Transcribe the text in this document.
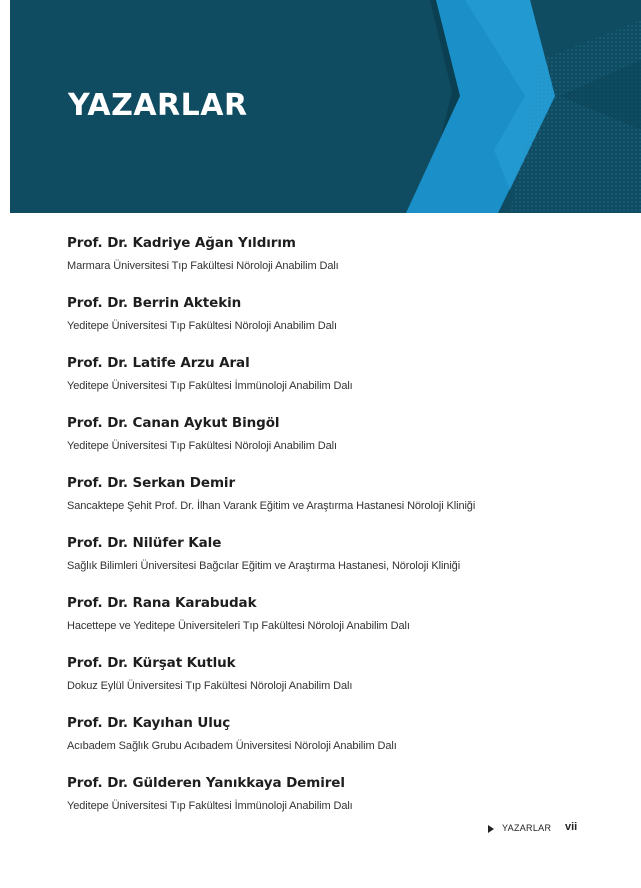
YAZARLAR

Prof. Dr. Kadriye Ağan Yıldırım

Marmara Üniversitesi Tıp Fakültesi Nöroloji Anabilim Dalı

Prof. Dr. Berrin Aktekin

Yeditepe Üniversitesi Tıp Fakültesi Nöroloji Anabilim Dalı

Prof. Dr. Latife Arzu Aral

Yeditepe Üniversitesi Tıp Fakültesi İmmünoloji Anabilim Dalı

Prof. Dr. Canan Aykut Bingöl

Yeditepe Üniversitesi Tıp Fakültesi Nöroloji Anabilim Dalı

Prof. Dr. Serkan Demir

Sancaktepe Şehit Prof. Dr. İlhan Varank Eğitim ve Araştırma Hastanesi Nöroloji Kliniği

Prof. Dr. Nilüfer Kale

Sağlık Bilimleri Üniversitesi Bağcılar Eğitim ve Araştırma Hastanesi, Nöroloji Kliniği

Prof. Dr. Rana Karabudak

Hacettepe ve Yeditepe Üniversiteleri Tıp Fakültesi Nöroloji Anabilim Dalı

Prof. Dr. Kürşat Kutluk

Dokuz Eylül Üniversitesi Tıp Fakültesi Nöroloji Anabilim Dalı

Prof. Dr. Kayıhan Uluç

Acıbadem Sağlık Grubu Acıbadem Üniversitesi Nöroloji Anabilim Dalı

Prof. Dr. Gülderen Yanıkkaya Demirel

Yeditepe Üniversitesi Tıp Fakültesi İmmünoloji Anabilim Dalı

YAZARLAR vii
